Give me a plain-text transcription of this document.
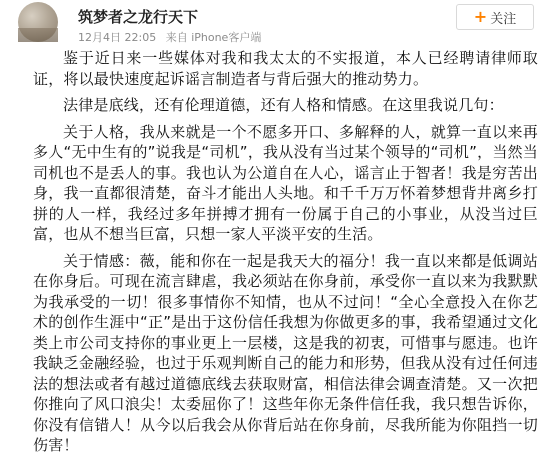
筑梦者之龙行天下
12月4日 22:05 来自 iPhone客户端
+ 关注

鉴于近日来一些媒体对我和我太太的不实报道，本人已经聘请律师取证，将以最快速度起诉谣言制造者与背后强大的推动势力。

法律是底线，还有伦理道德，还有人格和情感。在这里我说几句：

关于人格，我从来就是一个不愿多开口、多解释的人，就算一直以来再多人“无中生有的”说我是“司机”，我从没有当过某个领导的“司机”，当然当司机也不是丢人的事。我也认为公道自在人心，谣言止于智者！我是穷苦出身，我一直都很清楚，奋斗才能出人头地。和千千万万怀着梦想背井离乡打拼的人一样，我经过多年拼搏才拥有一份属于自己的小事业，从没当过巨富，也从不想当巨富，只想一家人平淡平安的生活。

关于情感：薇，能和你在一起是我天大的福分！我一直以来都是低调站在你身后。可现在流言肆虐，我必须站在你身前，承受你一直以来为我默默为我承受的一切！很多事情你不知情，也从不过问！“全心全意投入在你艺术的创作生涯中“正”是出于这份信任我想为你做更多的事，我希望通过文化类上市公司支持你的事业更上一层楼，这是我的初衷，可惜事与愿违。也许我缺乏金融经验，也过于乐观判断自己的能力和形势，但我从没有过任何违法的想法或者有越过道德底线去获取财富，相信法律会调查清楚。又一次把你推向了风口浪尖！太委屈你了！这些年你无条件信任我，我只想告诉你，你没有信错人！从今以后我会从你背后站在你身前，尽我所能为你阻挡一切伤害！
